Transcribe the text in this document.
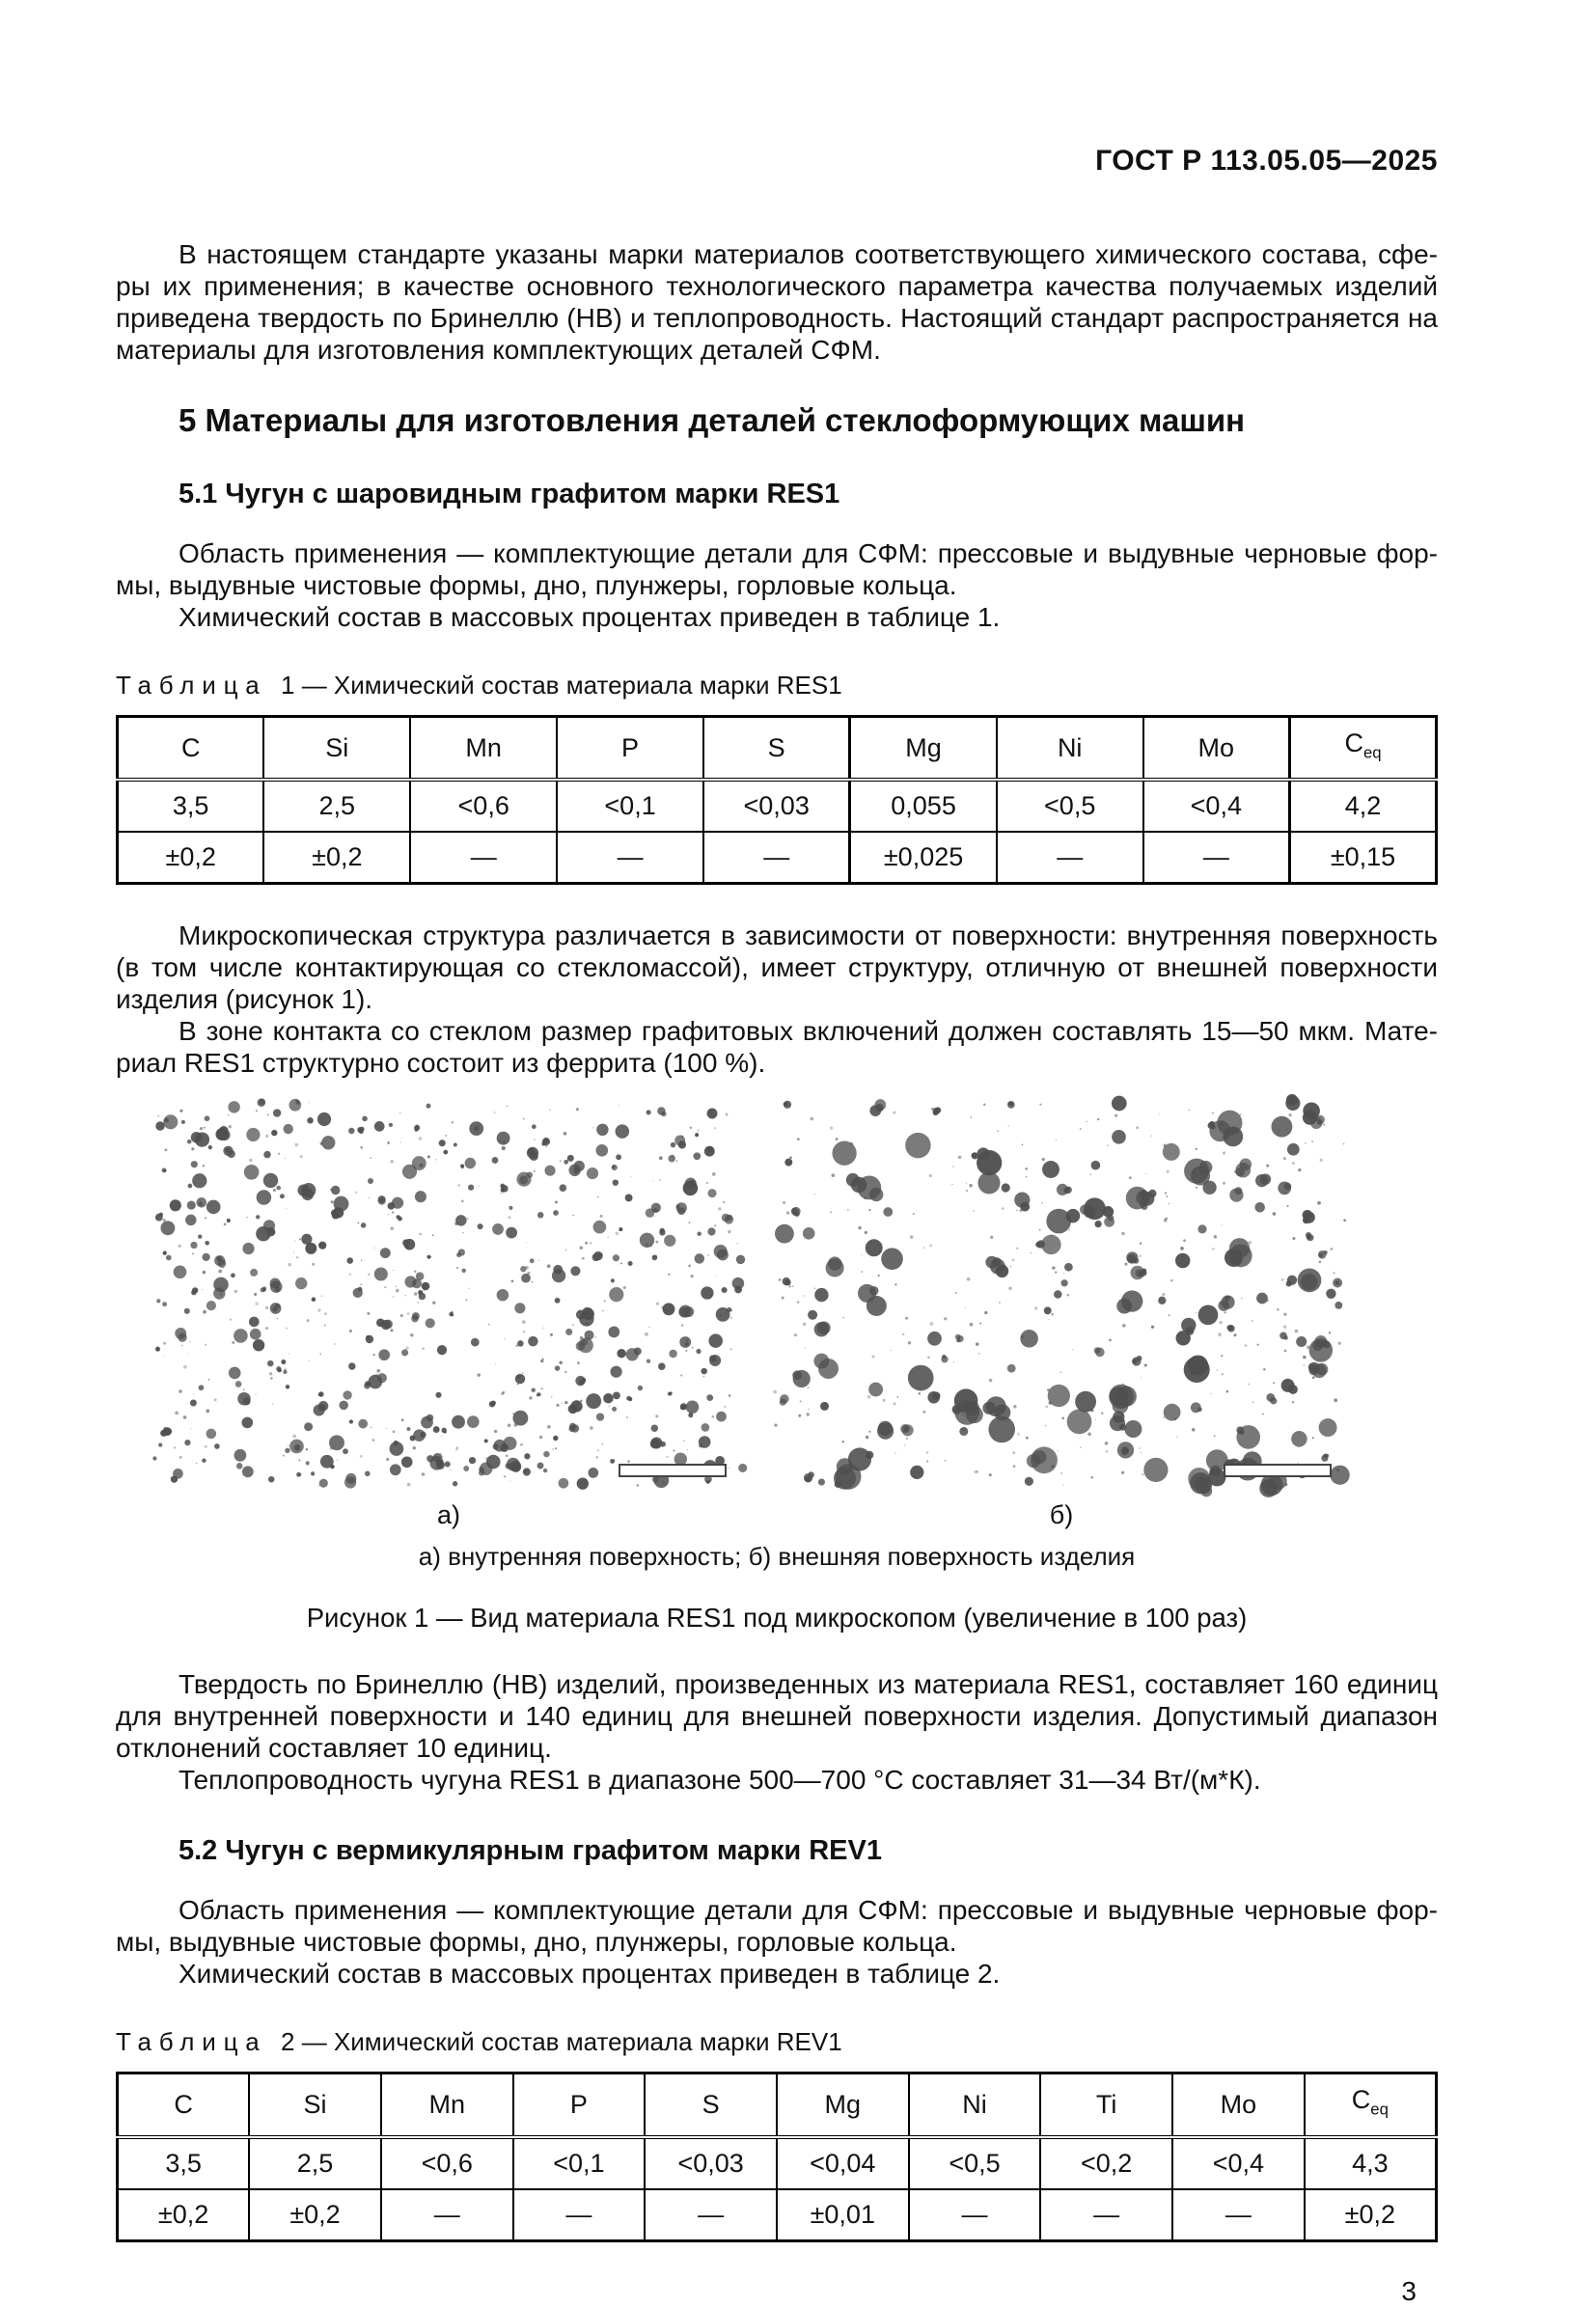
ГОСТ Р 113.05.05—2025

В настоящем стандарте указаны марки материалов соответствующего химического состава, сферы их применения; в качестве основного технологического параметра качества получаемых изделий приведена твердость по Бринеллю (НВ) и теплопроводность. Настоящий стандарт распространяется на материалы для изготовления комплектующих деталей СФМ.

5 Материалы для изготовления деталей стеклоформующих машин
5.1 Чугун с шаровидным графитом марки RES1

Область применения — комплектующие детали для СФМ: прессовые и выдувные черновые формы, выдувные чистовые формы, дно, плунжеры, горловые кольца.

Химический состав в массовых процентах приведен в таблице 1.

Таблица 1 — Химический состав материала марки RES1

C	Si	Mn	P	S	Mg	Ni	Mo	$C_{eq}$
3,5	2,5	<0,6	<0,1	<0,03	0,055	<0,5	<0,4	4,2
±0,2	±0,2	—	—	—	±0,025	—	—	±0,15

Микроскопическая структура различается в зависимости от поверхности: внутренняя поверхность (в том числе контактирующая со стекломассой), имеет структуру, отличную от внешней поверхности изделия (рисунок 1).

В зоне контакта со стеклом размер графитовых включений должен составлять 15—50 мкм. Материал RES1 структурно состоит из феррита (100 %).

а)	б)
а) внутренняя поверхность; б) внешняя поверхность изделия
Рисунок 1 — Вид материала RES1 под микроскопом (увеличение в 100 раз)

Твердость по Бринеллю (НВ) изделий, произведенных из материала RES1, составляет 160 единиц для внутренней поверхности и 140 единиц для внешней поверхности изделия. Допустимый диапазон отклонений составляет 10 единиц.

Теплопроводность чугуна RES1 в диапазоне 500—700 °С составляет 31—34 Вт/(м*К).

5.2 Чугун с вермикулярным графитом марки REV1

Область применения — комплектующие детали для СФМ: прессовые и выдувные черновые формы, выдувные чистовые формы, дно, плунжеры, горловые кольца.

Химический состав в массовых процентах приведен в таблице 2.

Таблица 2 — Химический состав материала марки REV1

C	Si	Mn	P	S	Mg	Ni	Ti	Mo	$C_{eq}$
3,5	2,5	<0,6	<0,1	<0,03	<0,04	<0,5	<0,2	<0,4	4,3
±0,2	±0,2	—	—	—	±0,01	—	—	—	±0,2
3
